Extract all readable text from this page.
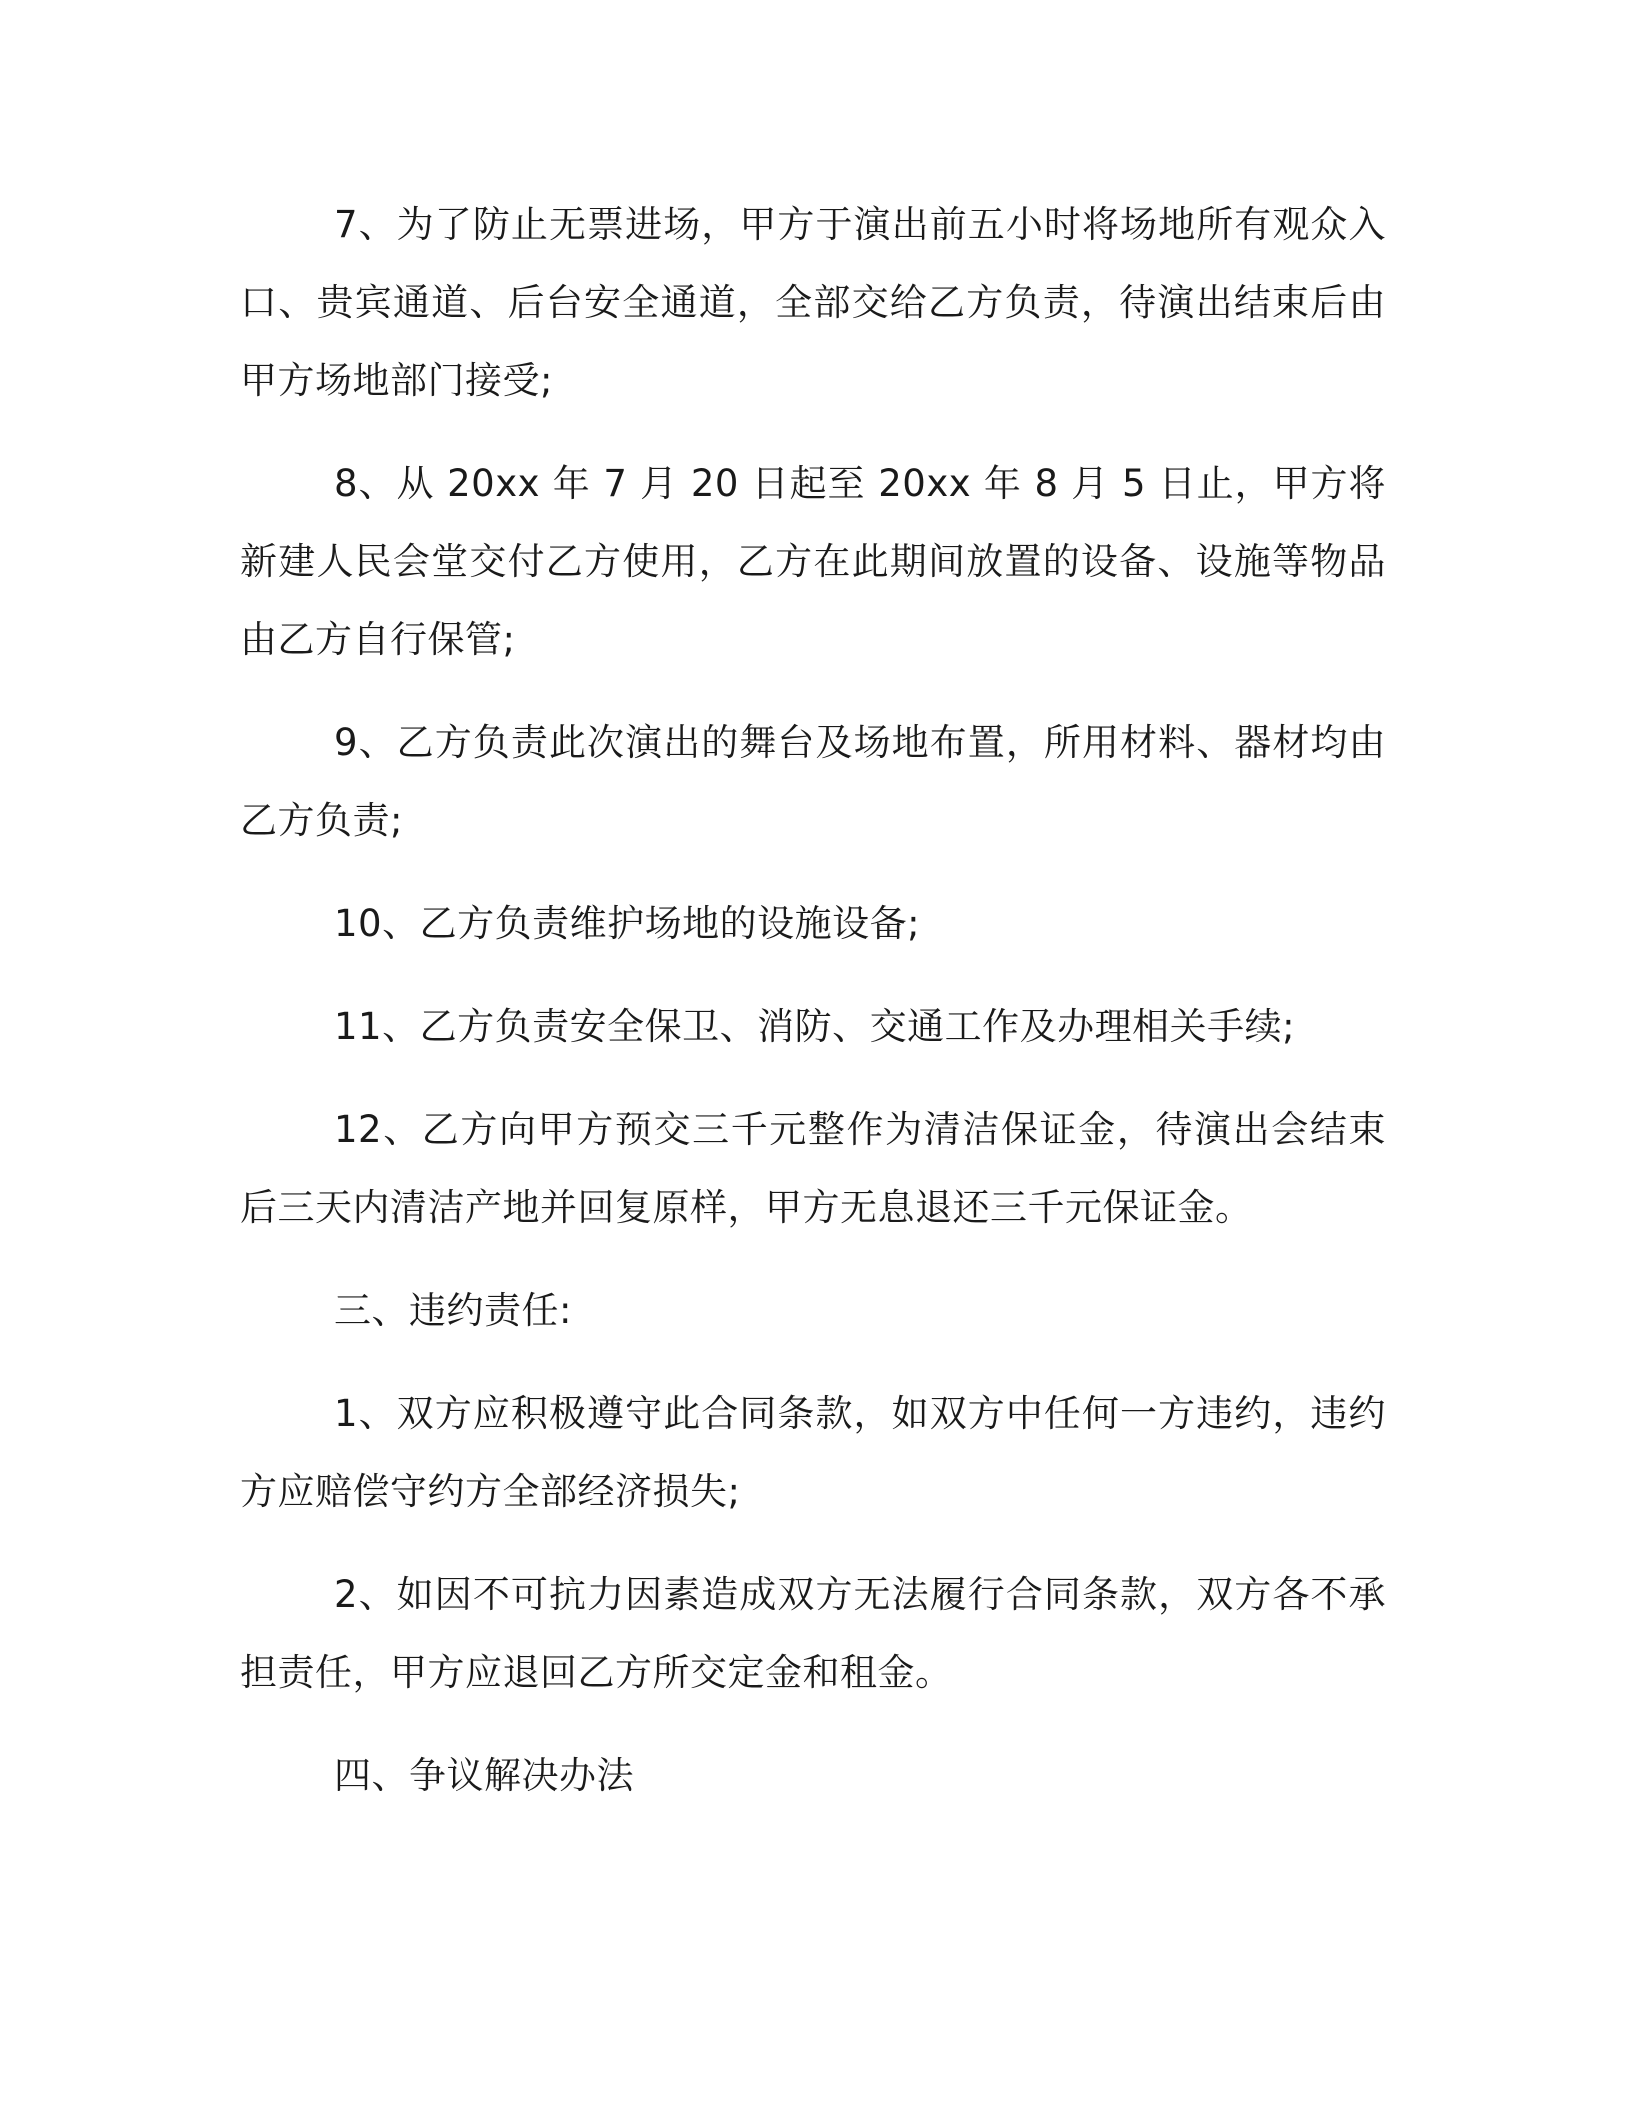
7、为了防止无票进场，甲方于演出前五小时将场地所有观众入口、贵宾通道、后台安全通道，全部交给乙方负责，待演出结束后由甲方场地部门接受;

8、从 20xx 年 7 月 20 日起至 20xx 年 8 月 5 日止，甲方将新建人民会堂交付乙方使用，乙方在此期间放置的设备、设施等物品由乙方自行保管;

9、乙方负责此次演出的舞台及场地布置，所用材料、器材均由乙方负责;

10、乙方负责维护场地的设施设备;

11、乙方负责安全保卫、消防、交通工作及办理相关手续;

12、乙方向甲方预交三千元整作为清洁保证金，待演出会结束后三天内清洁产地并回复原样，甲方无息退还三千元保证金。

三、违约责任:

1、双方应积极遵守此合同条款，如双方中任何一方违约，违约方应赔偿守约方全部经济损失;

2、如因不可抗力因素造成双方无法履行合同条款，双方各不承担责任，甲方应退回乙方所交定金和租金。

四、争议解决办法
